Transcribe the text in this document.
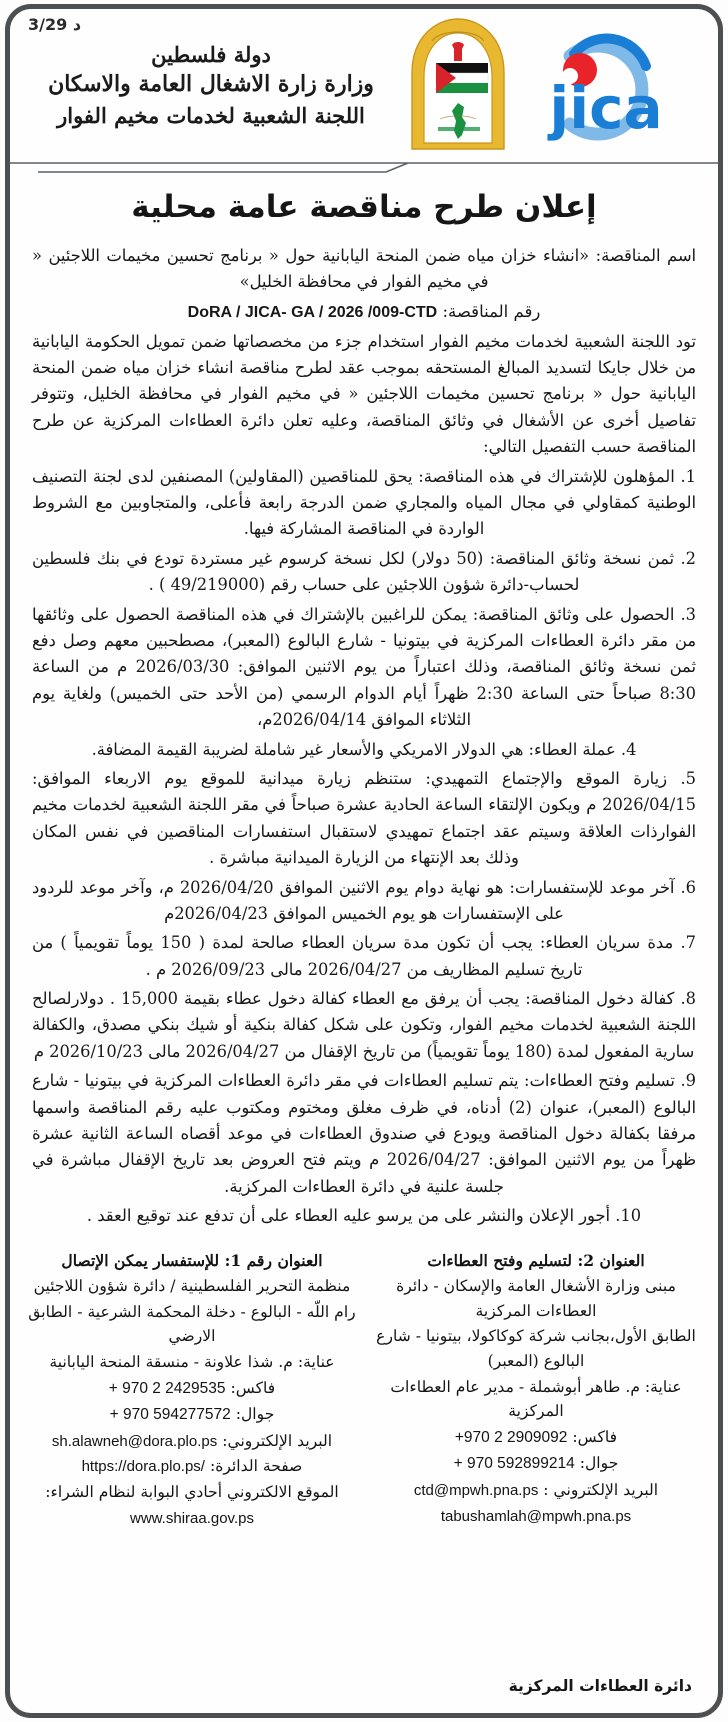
3/29 د
دولة فلسطين
وزارة زارة الاشغال العامة والاسكان
اللجنة الشعبية لخدمات مخيم الفوار	jica
إعلان طرح مناقصة عامة محلية

اسم المناقصة: «انشاء خزان مياه ضمن المنحة اليابانية حول « برنامج تحسين مخيمات اللاجئين « في مخيم الفوار في محافظة الخليل»

رقم المناقصة: DoRA / JICA- GA / 2026 /009-CTD

تود اللجنة الشعبية لخدمات مخيم الفوار استخدام جزء من مخصصاتها ضمن تمويل الحكومة اليابانية من خلال جايكا لتسديد المبالغ المستحقه بموجب عقد لطرح مناقصة انشاء خزان مياه ضمن المنحة اليابانية حول « برنامج تحسين مخيمات اللاجئين « في مخيم الفوار في محافظة الخليل، وتتوفر تفاصيل أخرى عن الأشغال في وثائق المناقصة، وعليه تعلن دائرة العطاءات المركزية عن طرح المناقصة حسب التفصيل التالي:

1. المؤهلون للإشتراك في هذه المناقصة: يحق للمناقصين (المقاولين) المصنفين لدى لجنة التصنيف الوطنية كمقاولي في مجال المياه والمجاري ضمن الدرجة رابعة فأعلى، والمتجاوبين مع الشروط الواردة في المناقصة المشاركة فيها.

2. ثمن نسخة وثائق المناقصة: (50 دولار) لكل نسخة كرسوم غير مستردة تودع في بنك فلسطين لحساب-دائرة شؤون اللاجئين على حساب رقم (49/219000 ) .

3. الحصول على وثائق المناقصة: يمكن للراغبين بالإشتراك في هذه المناقصة الحصول على وثائقها من مقر دائرة العطاءات المركزية في بيتونيا - شارع البالوع (المعبر)، مصطحبين معهم وصل دفع ثمن نسخة وثائق المناقصة، وذلك اعتباراً من يوم الاثنين الموافق: 2026/03/30 م من الساعة 8:30 صباحاً حتى الساعة 2:30 ظهراً أيام الدوام الرسمي (من الأحد حتى الخميس) ولغاية يوم الثلاثاء الموافق 2026/04/14م،

4. عملة العطاء: هي الدولار الامريكي والأسعار غير شاملة لضريبة القيمة المضافة.

5. زيارة الموقع والإجتماع التمهيدي: ستنظم زيارة ميدانية للموقع يوم الاربعاء الموافق: 2026/04/15 م ويكون الإلتقاء الساعة الحادية عشرة صباحاً في مقر اللجنة الشعبية لخدمات مخيم الفوارذات العلاقة وسيتم عقد اجتماع تمهيدي لاستقبال استفسارات المناقصين في نفس المكان وذلك بعد الإنتهاء من الزيارة الميدانية مباشرة .

6. آخر موعد للإستفسارات: هو نهاية دوام يوم الاثنين الموافق 2026/04/20 م، وآخر موعد للردود على الإستفسارات هو يوم الخميس الموافق 2026/04/23م

7. مدة سريان العطاء: يجب أن تكون مدة سريان العطاء صالحة لمدة ( 150 يوماً تقويمياً ) من تاريخ تسليم المظاريف من 2026/04/27 مالى 2026/09/23 م .

8. كفالة دخول المناقصة: يجب أن يرفق مع العطاء كفالة دخول عطاء بقيمة 15,000 . دولارلصالح اللجنة الشعبية لخدمات مخيم الفوار، وتكون على شكل كفالة بنكية أو شيك بنكي مصدق، والكفالة سارية المفعول لمدة (180 يوماً تقويمياً) من تاريخ الإقفال من 2026/04/27 مالى 2026/10/23 م

9. تسليم وفتح العطاءات: يتم تسليم العطاءات في مقر دائرة العطاءات المركزية في بيتونيا - شارع البالوع (المعبر)، عنوان (2) أدناه، في ظرف مغلق ومختوم ومكتوب عليه رقم المناقصة واسمها مرفقا بكفالة دخول المناقصة ويودع في صندوق العطاءات في موعد أقصاه الساعة الثانية عشرة ظهراً من يوم الاثنين الموافق: 2026/04/27 م ويتم فتح العروض بعد تاريخ الإقفال مباشرة في جلسة علنية في دائرة العطاءات المركزية.

10. أجور الإعلان والنشر على من يرسو عليه العطاء على أن تدفع عند توقيع العقد .

العنوان رقم 1: للإستفسار يمكن الإتصال
منظمة التحرير الفلسطينية / دائرة شؤون اللاجئين
رام اللّه - البالوع - دخلة المحكمة الشرعية - الطابق الارضي
عناية: م. شذا علاونة - منسقة المنحة اليابانية
فاكس: + 970 2 2429535
جوال: + 970 594277572
البريد الإلكتروني: sh.alawneh@dora.plo.ps
صفحة الدائرة: https://dora.plo.ps/
الموقع الالكتروني أحادي البوابة لنظام الشراء:
www.shiraa.gov.ps
العنوان 2: لتسليم وفتح العطاءات
مبنى وزارة الأشغال العامة والإسكان - دائرة العطاءات المركزية
الطابق الأول،بجانب شركة كوكاكولا، بيتونيا - شارع البالوع (المعبر)
عناية: م. طاهر أبوشملة - مدير عام العطاءات المركزية
فاكس: +970 2 2909092
جوال: + 970 592899214
البريد الإلكتروني : ctd@mpwh.pna.ps
tabushamlah@mpwh.pna.ps
دائرة العطاءات المركزية
